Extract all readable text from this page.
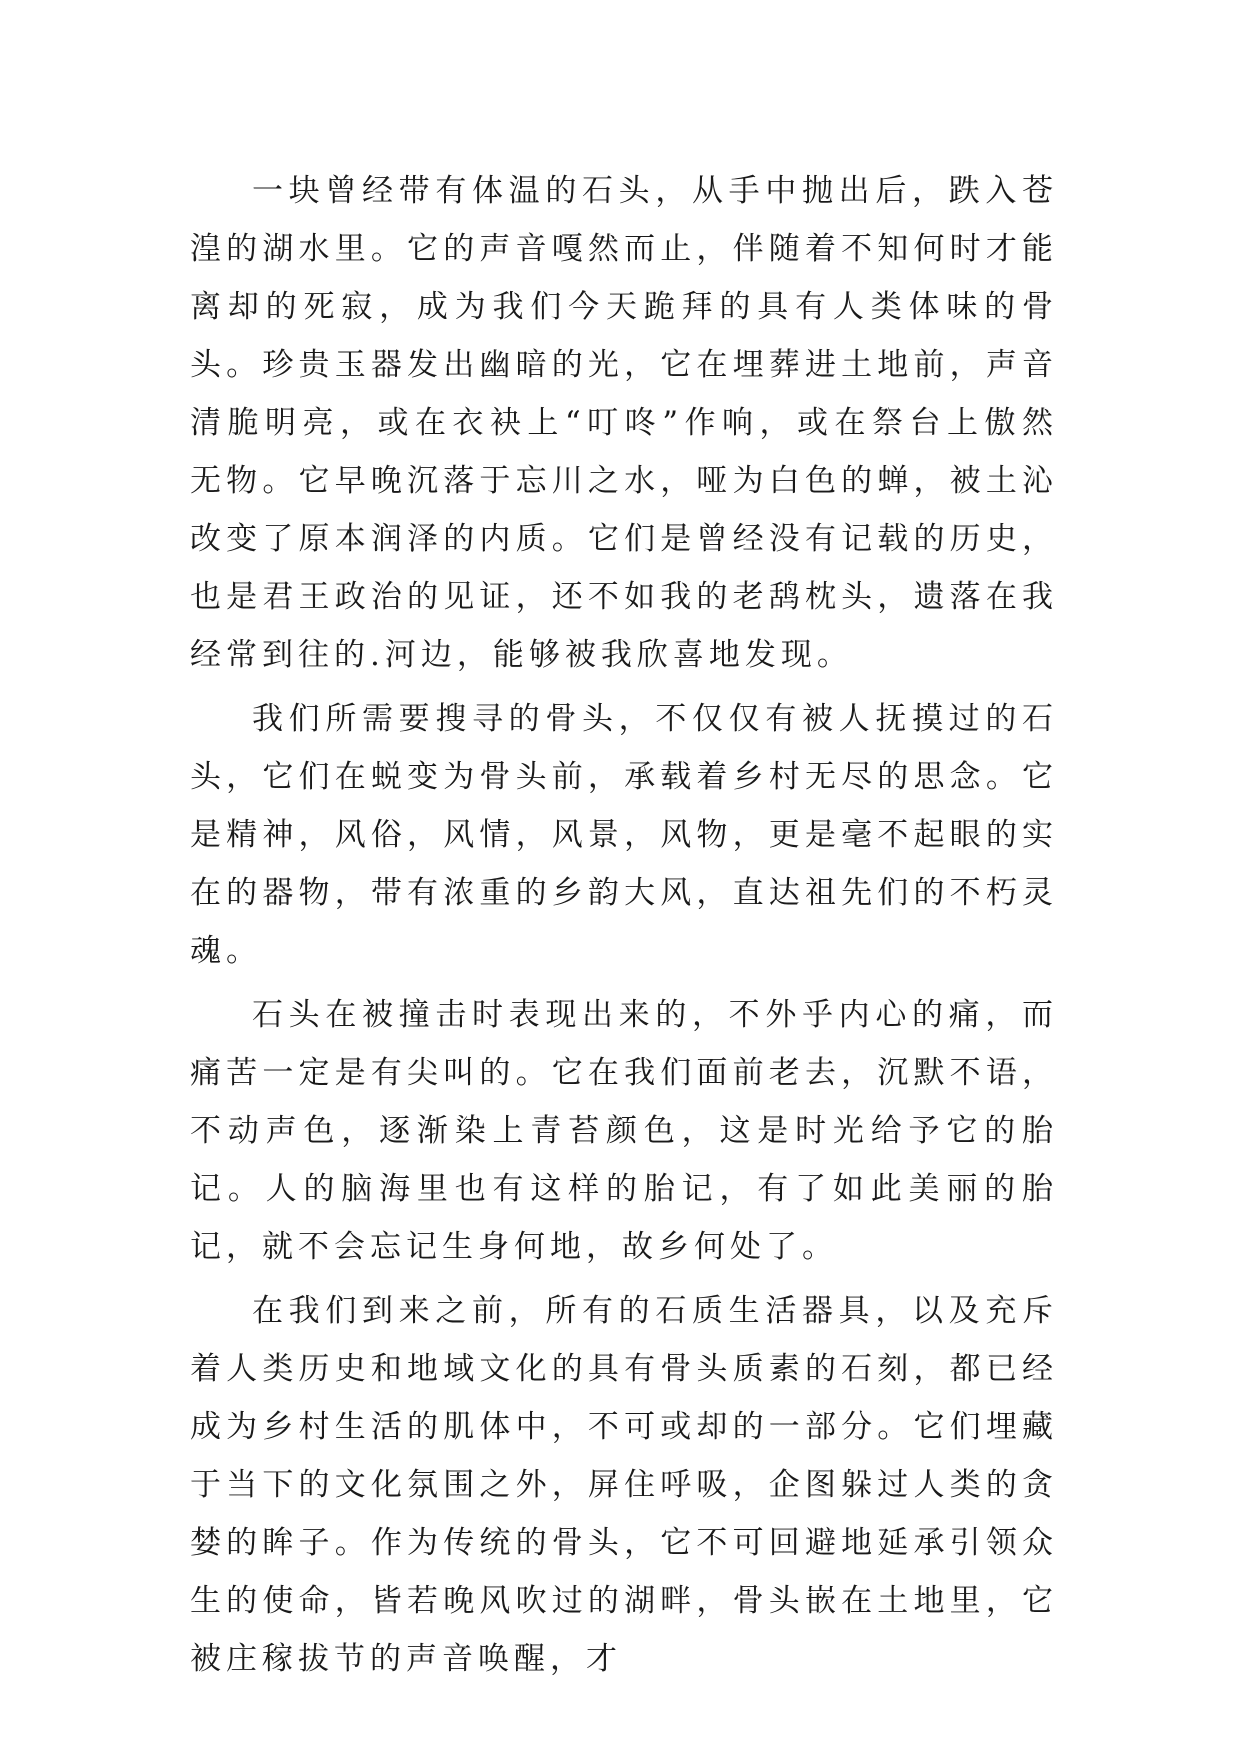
一块曾经带有体温的石头，从手中抛出后，跌入苍湟的湖水里。它的声音嘎然而止，伴随着不知何时才能离却的死寂，成为我们今天跪拜的具有人类体味的骨头。珍贵玉器发出幽暗的光，它在埋葬进土地前，声音清脆明亮，或在衣袂上“叮咚”作响，或在祭台上傲然无物。它早晚沉落于忘川之水，哑为白色的蝉，被土沁改变了原本润泽的内质。它们是曾经没有记载的历史，也是君王政治的见证，还不如我的老鸹枕头，遗落在我经常到往的.河边，能够被我欣喜地发现。

我们所需要搜寻的骨头，不仅仅有被人抚摸过的石头，它们在蜕变为骨头前，承载着乡村无尽的思念。它是精神，风俗，风情，风景，风物，更是毫不起眼的实在的器物，带有浓重的乡韵大风，直达祖先们的不朽灵魂。

石头在被撞击时表现出来的，不外乎内心的痛，而痛苦一定是有尖叫的。它在我们面前老去，沉默不语，不动声色，逐渐染上青苔颜色，这是时光给予它的胎记。人的脑海里也有这样的胎记，有了如此美丽的胎记，就不会忘记生身何地，故乡何处了。

在我们到来之前，所有的石质生活器具，以及充斥着人类历史和地域文化的具有骨头质素的石刻，都已经成为乡村生活的肌体中，不可或却的一部分。它们埋藏于当下的文化氛围之外，屏住呼吸，企图躲过人类的贪婪的眸子。作为传统的骨头，它不可回避地延承引领众生的使命，皆若晚风吹过的湖畔，骨头嵌在土地里，它被庄稼拔节的声音唤醒，才
